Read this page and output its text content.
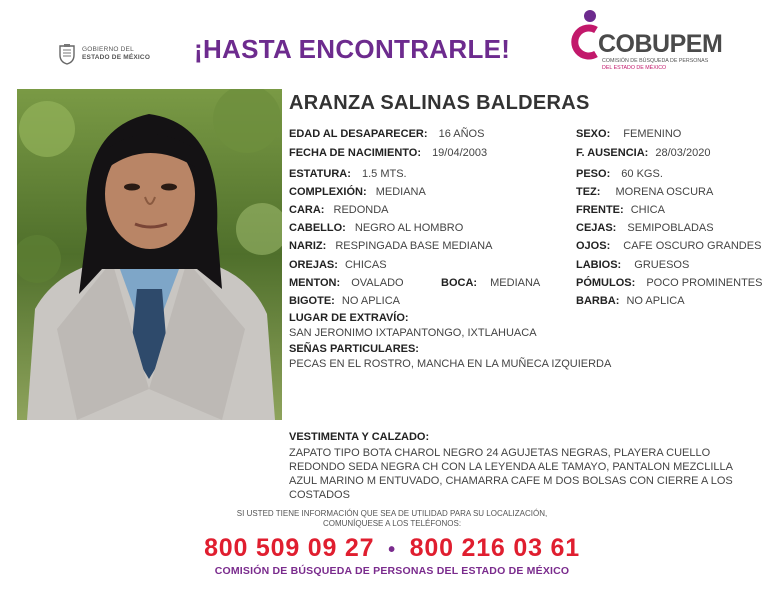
GOBIERNO DEL
ESTADO DE MÉXICO ¡HASTA ENCONTRARLE!	COBUPEM
COMISIÓN DE BÚSQUEDA DE PERSONAS
DEL ESTADO DE MÉXICO
ARANZA SALINAS BALDERAS
EDAD AL DESAPARECER: 16 AÑOS
FECHA DE NACIMIENTO: 19/04/2003
ESTATURA: 1.5 MTS.
COMPLEXIÓN: MEDIANA
CARA: REDONDA
CABELLO: NEGRO AL HOMBRO
NARIZ: RESPINGADA BASE MEDIANA
OREJAS: CHICAS
MENTON: OVALADO	BOCA: MEDIANA
BIGOTE: NO APLICA
SEXO: FEMENINO
F. AUSENCIA: 28/03/2020
PESO: 60 KGS.
TEZ: MORENA OSCURA
FRENTE: CHICA
CEJAS: SEMIPOBLADAS
OJOS: CAFE OSCURO GRANDES
LABIOS: GRUESOS
PÓMULOS: POCO PROMINENTES
BARBA: NO APLICA
LUGAR DE EXTRAVÍO:
SAN JERONIMO IXTAPANTONGO, IXTLAHUACA
SEÑAS PARTICULARES:
PECAS EN EL ROSTRO, MANCHA EN LA MUÑECA IZQUIERDA
VESTIMENTA Y CALZADO:
ZAPATO TIPO BOTA CHAROL NEGRO 24 AGUJETAS NEGRAS, PLAYERA CUELLO
REDONDO SEDA NEGRA CH CON LA LEYENDA ALE TAMAYO, PANTALON MEZCLILLA
AZUL MARINO M ENTUVADO, CHAMARRA CAFE M DOS BOLSAS CON CIERRE A LOS
COSTADOS
SI USTED TIENE INFORMACIÓN QUE SEA DE UTILIDAD PARA SU LOCALIZACIÓN,
COMUNÍQUESE A LOS TELÉFONOS:
800 509 09 27 • 800 216 03 61
COMISIÓN DE BÚSQUEDA DE PERSONAS DEL ESTADO DE MÉXICO
